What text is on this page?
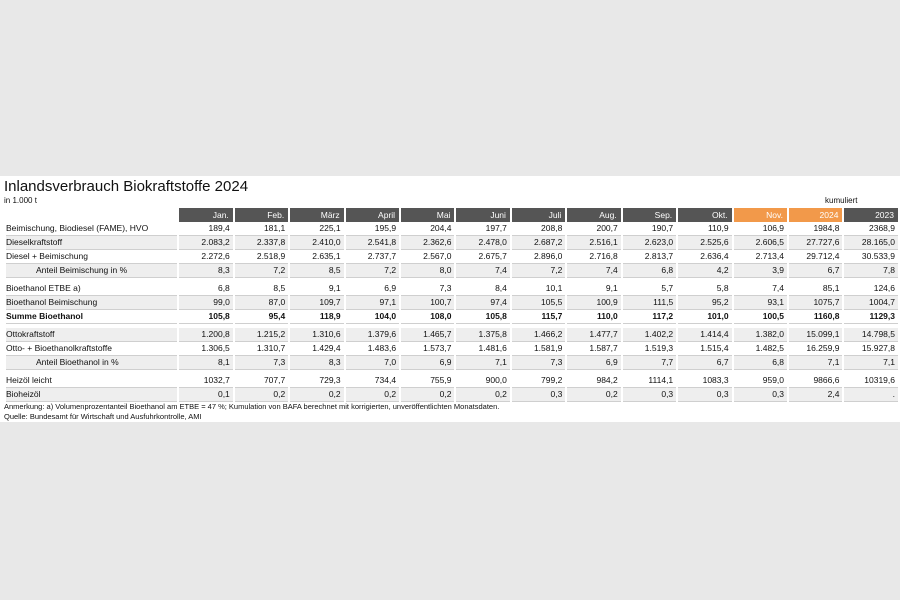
Inlandsverbrauch Biokraftstoffe 2024
in 1.000 t	kumuliert
	Jan.	Feb.	März	April	Mai	Juni	Juli	Aug.	Sep.	Okt.	Nov.	2024	2023
Beimischung, Biodiesel (FAME), HVO	189,4	181,1	225,1	195,9	204,4	197,7	208,8	200,7	190,7	110,9	106,9	1984,8	2368,9
Dieselkraftstoff	2.083,2	2.337,8	2.410,0	2.541,8	2.362,6	2.478,0	2.687,2	2.516,1	2.623,0	2.525,6	2.606,5	27.727,6	28.165,0
Diesel + Beimischung	2.272,6	2.518,9	2.635,1	2.737,7	2.567,0	2.675,7	2.896,0	2.716,8	2.813,7	2.636,4	2.713,4	29.712,4	30.533,9
Anteil Beimischung in %	8,3	7,2	8,5	7,2	8,0	7,4	7,2	7,4	6,8	4,2	3,9	6,7	7,8

Bioethanol ETBE a)	6,8	8,5	9,1	6,9	7,3	8,4	10,1	9,1	5,7	5,8	7,4	85,1	124,6
Bioethanol Beimischung	99,0	87,0	109,7	97,1	100,7	97,4	105,5	100,9	111,5	95,2	93,1	1075,7	1004,7
Summe Bioethanol	105,8	95,4	118,9	104,0	108,0	105,8	115,7	110,0	117,2	101,0	100,5	1160,8	1129,3

Ottokraftstoff	1.200,8	1.215,2	1.310,6	1.379,6	1.465,7	1.375,8	1.466,2	1.477,7	1.402,2	1.414,4	1.382,0	15.099,1	14.798,5
Otto- + Bioethanolkraftstoffe	1.306,5	1.310,7	1.429,4	1.483,6	1.573,7	1.481,6	1.581,9	1.587,7	1.519,3	1.515,4	1.482,5	16.259,9	15.927,8
Anteil Bioethanol in %	8,1	7,3	8,3	7,0	6,9	7,1	7,3	6,9	7,7	6,7	6,8	7,1	7,1

Heizöl leicht	1032,7	707,7	729,3	734,4	755,9	900,0	799,2	984,2	1114,1	1083,3	959,0	9866,6	10319,6
Bioheizöl	0,1	0,2	0,2	0,2	0,2	0,2	0,3	0,2	0,3	0,3	0,3	2,4	.
Anmerkung: a) Volumenprozentanteil Bioethanol am ETBE = 47 %; Kumulation von BAFA berechnet mit korrigierten, unveröffentlichten Monatsdaten.
Quelle: Bundesamt für Wirtschaft und Ausfuhrkontrolle, AMI
